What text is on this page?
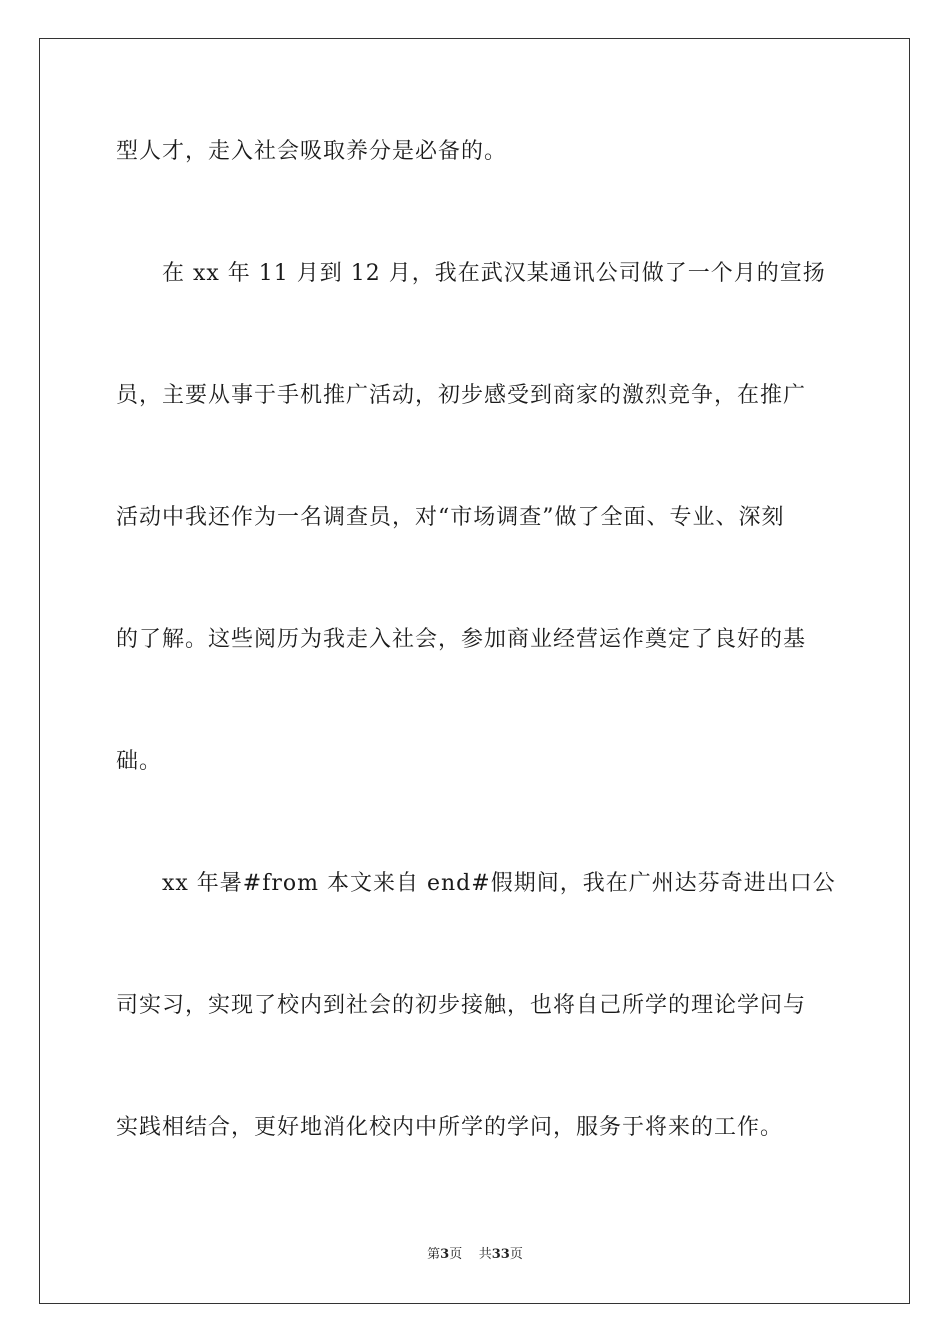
型人才，走入社会吸取养分是必备的。
　　在 xx 年 11 月到 12 月，我在武汉某通讯公司做了一个月的宣扬
员，主要从事于手机推广活动，初步感受到商家的激烈竞争，在推广
活动中我还作为一名调查员，对“市场调查”做了全面、专业、深刻
的了解。这些阅历为我走入社会，参加商业经营运作奠定了良好的基
础。
　　xx 年暑#from 本文来自 end#假期间，我在广州达芬奇进出口公
司实习，实现了校内到社会的初步接触，也将自己所学的理论学问与
实践相结合，更好地消化校内中所学的学问，服务于将来的工作。
第3页 共33页
